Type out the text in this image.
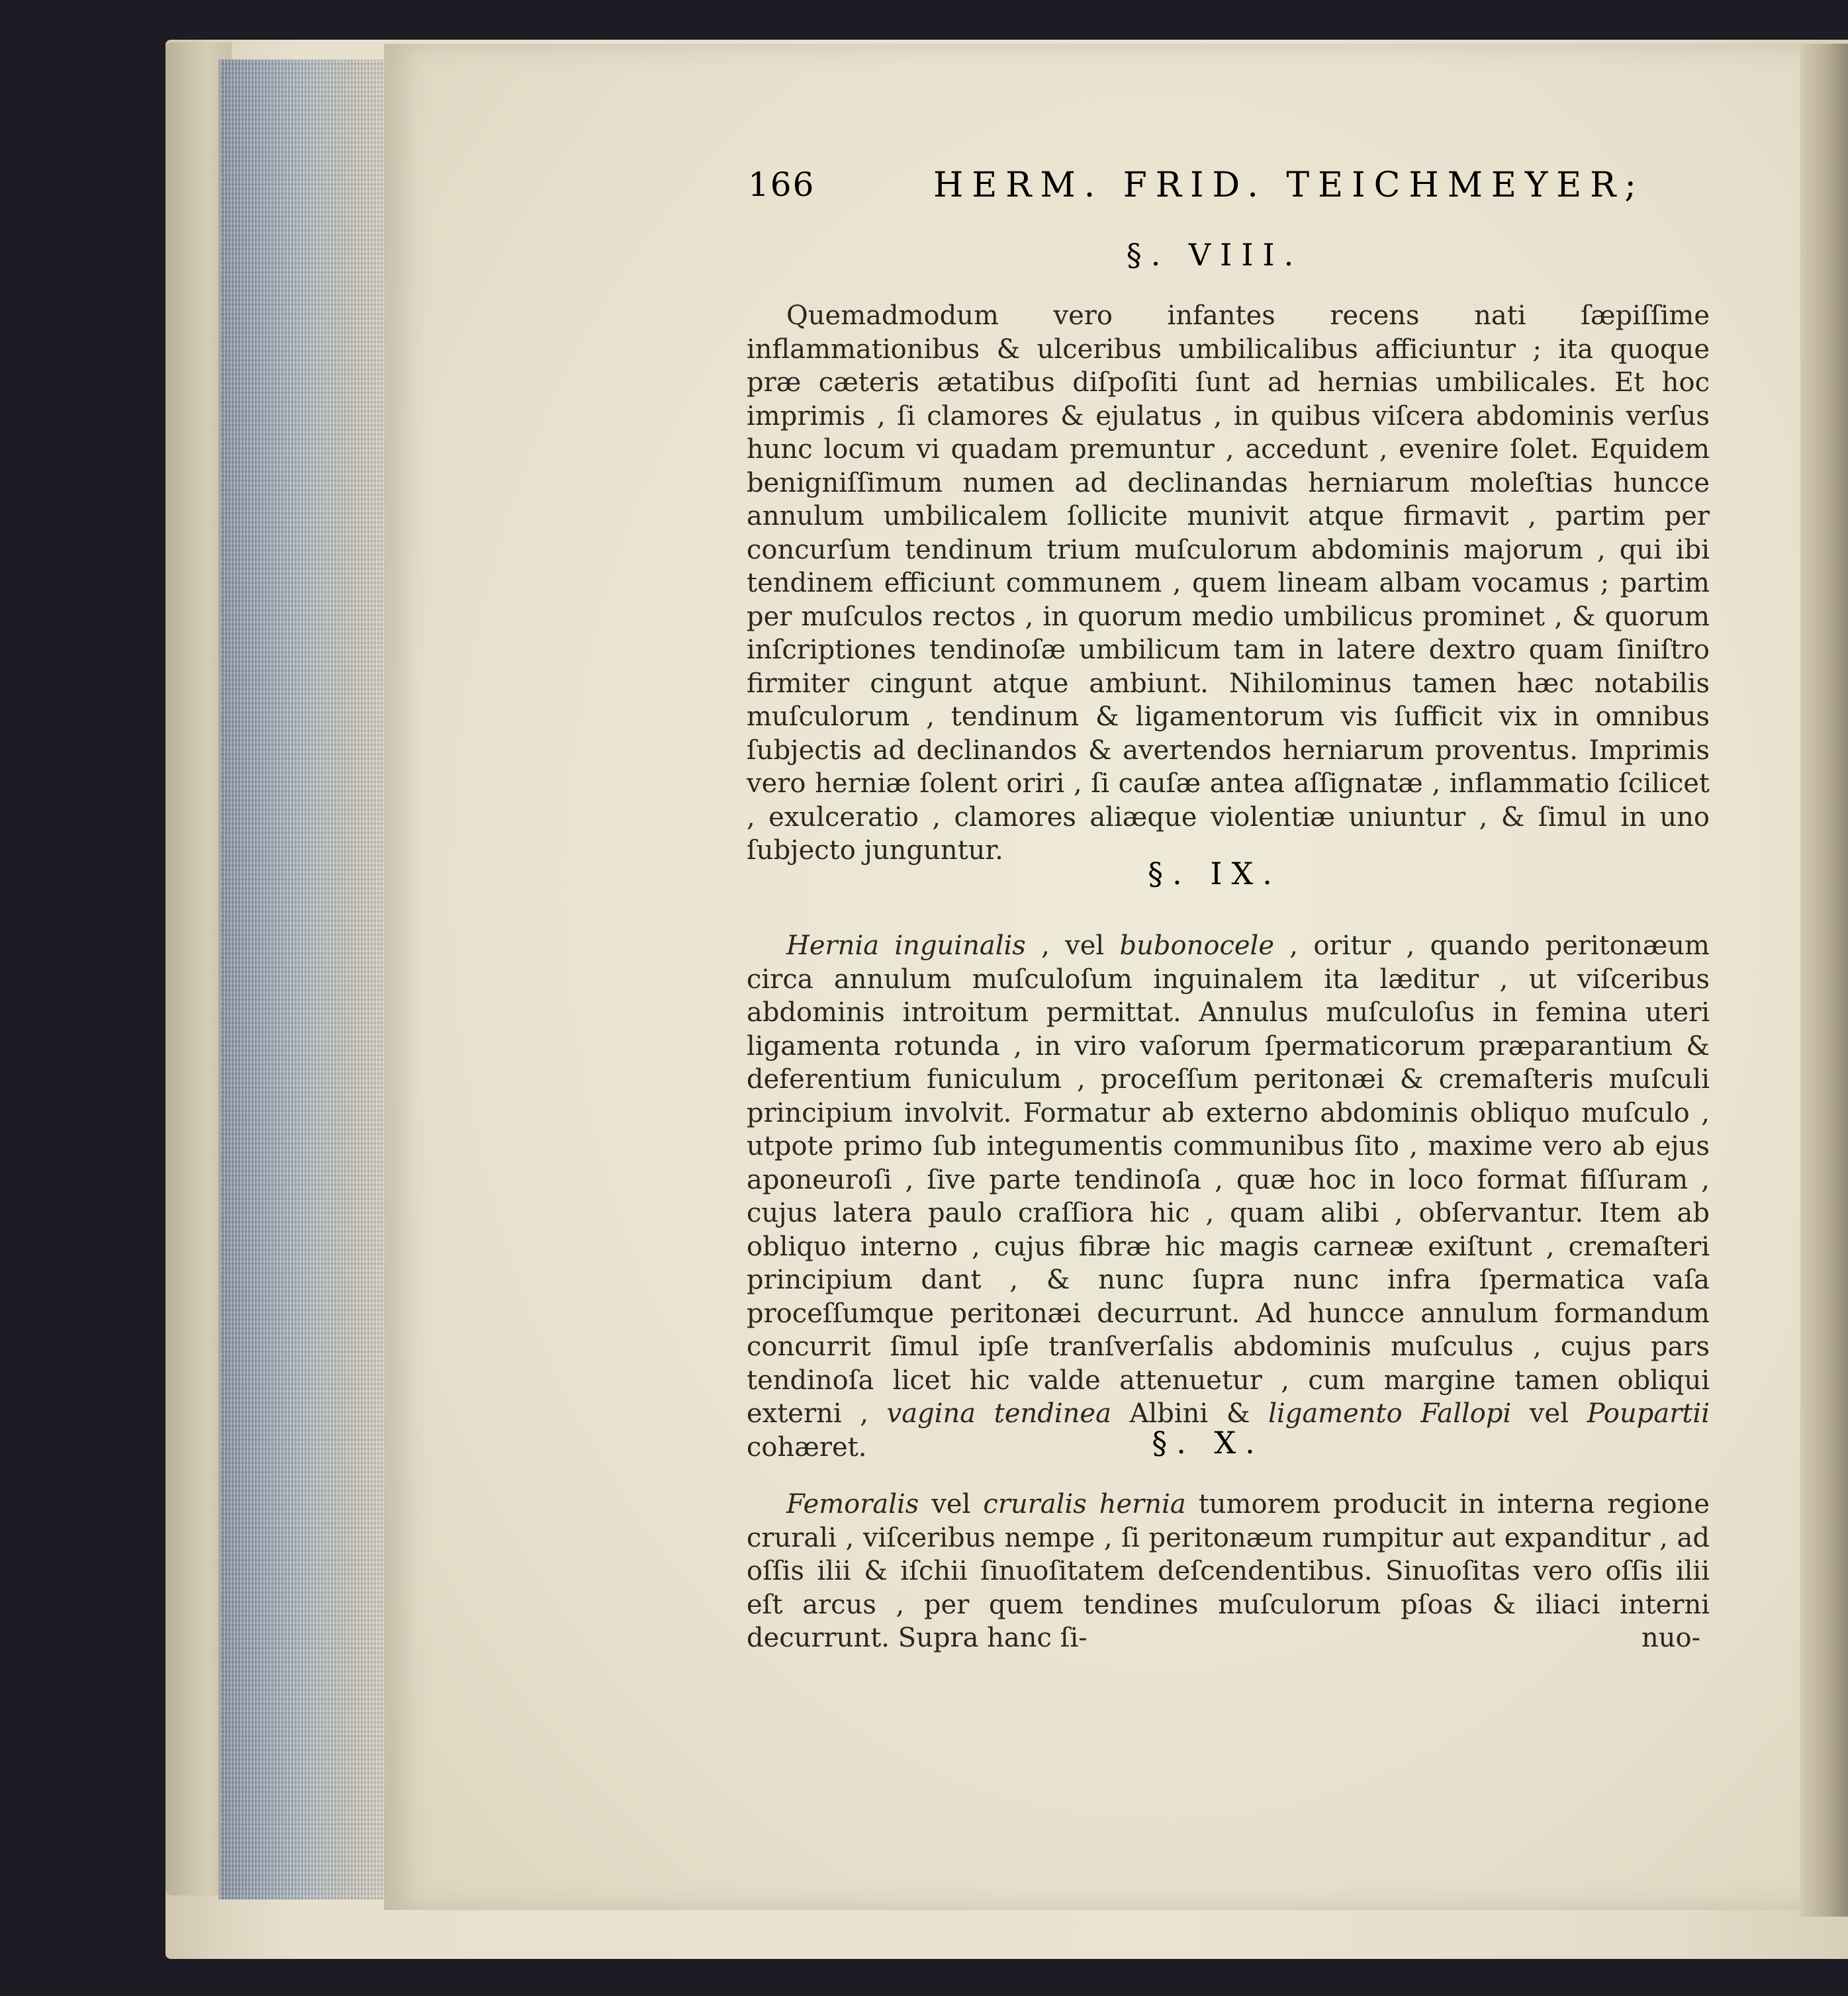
166	HERM. FRID. TEICHMEYER;
§. VIII.
Quemadmodum vero infantes recens nati ſæpiſſime inflammationibus & ulceribus umbilicalibus afficiuntur ; ita quoque præ cæteris ætatibus diſpoſiti ſunt ad hernias umbilicales. Et hoc imprimis , ſi clamores & ejulatus , in quibus viſcera abdominis verſus hunc locum vi quadam premuntur , accedunt , evenire ſolet. Equidem benigniſſimum numen ad declinandas herniarum moleſtias huncce annulum umbilicalem ſollicite munivit atque firmavit , partim per concurſum tendinum trium muſculorum abdominis majorum , qui ibi tendinem efficiunt communem , quem lineam albam vocamus ; partim per muſculos rectos , in quorum medio umbilicus prominet , & quorum inſcriptiones tendinoſæ umbilicum tam in latere dextro quam ſiniſtro firmiter cingunt atque ambiunt. Nihilominus tamen hæc notabilis muſculorum , tendinum & ligamentorum vis ſufficit vix in omnibus ſubjectis ad declinandos & avertendos herniarum proventus. Imprimis vero herniæ ſolent oriri , ſi cauſæ antea aſſignatæ , inflammatio ſcilicet , exulceratio , clamores aliæque violentiæ uniuntur , & ſimul in uno ſubjecto junguntur.
§. IX.
Hernia inguinalis , vel bubonocele , oritur , quando peritonæum circa annulum muſculoſum inguinalem ita læditur , ut viſceribus abdominis introitum permittat. Annulus muſculoſus in femina uteri ligamenta rotunda , in viro vaſorum ſpermaticorum præparantium & deferentium funiculum , proceſſum peritonæi & cremaſteris muſculi principium involvit. Formatur ab externo abdominis obliquo muſculo , utpote primo ſub integumentis communibus ſito , maxime vero ab ejus aponeuroſi , ſive parte tendinoſa , quæ hoc in loco format fiſſuram , cujus latera paulo craſſiora hic , quam alibi , obſervantur. Item ab obliquo interno , cujus fibræ hic magis carneæ exiſtunt , cremaſteri principium dant , & nunc ſupra nunc infra ſpermatica vaſa proceſſumque peritonæi decurrunt. Ad huncce annulum formandum concurrit ſimul ipſe tranſverſalis abdominis muſculus , cujus pars tendinoſa licet hic valde attenuetur , cum margine tamen obliqui externi , vagina tendinea Albini & ligamento Fallopi vel Poupartii cohæret.	§. X.
Femoralis vel cruralis hernia tumorem producit in interna regione crurali , viſceribus nempe , ſi peritonæum rumpitur aut expanditur , ad oſſis ilii & iſchii ſinuoſitatem deſcendentibus. Sinuoſitas vero oſſis ilii eſt arcus , per quem tendines muſculorum pſoas & iliaci interni decurrunt. Supra hanc ſi-	nuo-
